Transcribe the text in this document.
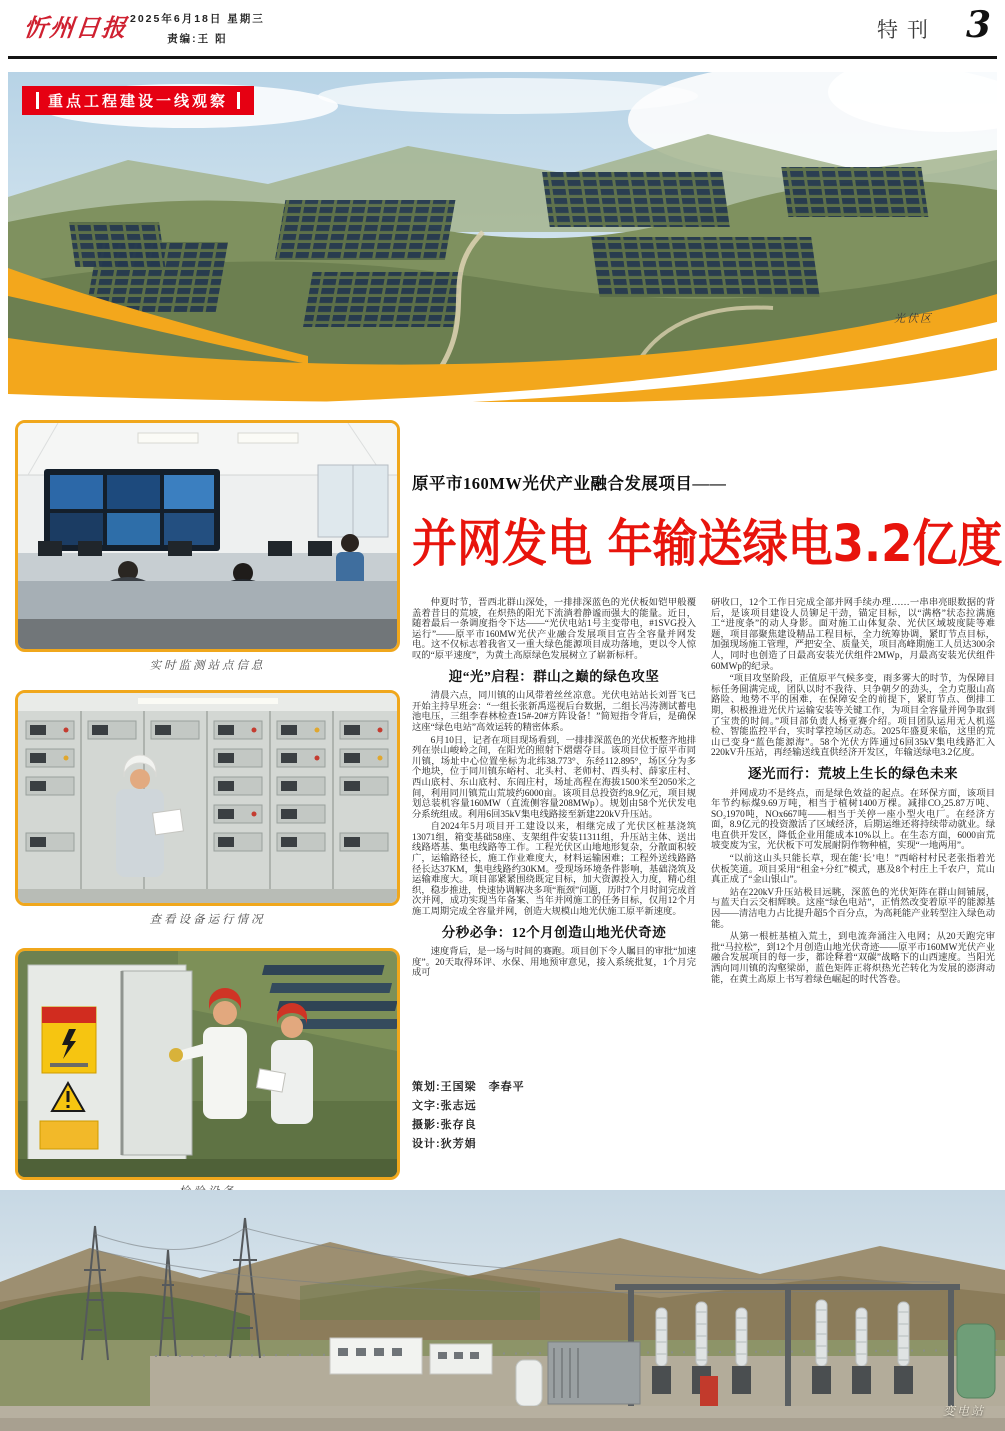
忻州日报 2025年6月18日 星期三
责编:王 阳	特刊 3
重点工程建设一线观察
光伏区
实时监测站点信息
查看设备运行情况
原平市160MW光伏产业融合发展项目——
并网发电 年输送绿电3.2亿度

仲夏时节，晋西北群山深处，一排排深蓝色的光伏板如铠甲般覆盖着昔日的荒坡，在炽热的阳光下流淌着静谧而强大的能量。近日，随着最后一条调度指令下达——“光伏电站1号主变带电，#1SVG投入运行”——原平市160MW光伏产业融合发展项目宣告全容量并网发电。这不仅标志着我省又一重大绿色能源项目成功落地，更以令人惊叹的“原平速度”，为黄土高原绿色发展树立了崭新标杆。

迎“光”启程：群山之巅的绿色攻坚

清晨六点，同川镇的山风带着丝丝凉意。光伏电站站长刘晋飞已开始主持早班会：“一组长张新禹巡视后台数据，二组长冯涛测试蓄电池电压，三组李春林检查15#-20#方阵设备！”简短指令背后，是确保这座“绿色电站”高效运转的精密体系。

6月10日，记者在项目现场看到，一排排深蓝色的光伏板整齐地排列在崇山峻岭之间，在阳光的照射下熠熠夺目。该项目位于原平市同川镇，场址中心位置坐标为北纬38.773°、东经112.895°，场区分为多个地块，位于同川镇东峪村、北头村、老师村、西头村、薛家庄村、西山底村、东山底村、东阎庄村，场址高程在海拔1500米至2050米之间，利用同川镇荒山荒坡约6000亩。该项目总投资约8.9亿元，项目规划总装机容量160MW（直流侧容量208MWp）。规划由58个光伏发电分系统组成。利用6回35kV集电线路接至新建220kV升压站。

自2024年5月项目开工建设以来，相继完成了光伏区桩基浇筑13071组，箱变基础58座、支架组件安装11311组，升压站主体、送出线路塔基、集电线路等工作。工程光伏区山地地形复杂，分散面积较广，运输路径长，施工作业难度大，材料运输困难；工程外送线路路径长达37KM，集电线路约30KM。受现场环境条件影响，基础浇筑及运输难度大。项目部紧紧围绕既定目标，加大资源投入力度，精心组织，稳步推进，快速协调解决多项“瓶颈”问题，历时7个月时间完成首次并网，成功实现当年备案、当年并网施工的任务目标，仅用12个月施工周期完成全容量并网，创造大规模山地光伏施工原平新速度。

分秒必争：12个月创造山地光伏奇迹

速度背后，是一场与时间的赛跑。项目创下令人瞩目的审批“加速度”。20天取得环评、水保、用地预审意见，接入系统批复，1个月完成可

研收口，12个工作日完成全部并网手续办理……一串串亮眼数据的背后，是该项目建设人员铆足干劲，锚定目标，以“满格”状态拉满施工“进度条”的动人身影。面对施工山体复杂、光伏区域坡度陡等难题，项目部聚焦建设精品工程目标，全力统筹协调，紧盯节点目标，加强现场施工管理，严把安全、质量关，项目高峰期施工人员达300余人，同时也创造了日最高安装光伏组件2MWp，月最高安装光伏组件60MWp的纪录。

“项目攻坚阶段，正值原平气候多变，雨多雾大的时节，为保障目标任务圆满完成，团队以时不我待、只争朝夕的劲头，全力克服山高路险、地势不平的困难，在保障安全的前提下，紧盯节点、倒排工期，积极推进光伏片运输安装等关键工作，为项目全容量并网争取到了宝贵的时间。”项目部负责人杨亚赛介绍。项目团队运用无人机巡检、智能监控平台，实时掌控场区动态。2025年盛夏来临，这里的荒山已变身“蓝色能源海”。58个光伏方阵通过6回35kV集电线路汇入220kV升压站，再经输送线直供经济开发区，年输送绿电3.2亿度。

逐光而行：荒坡上生长的绿色未来

并网成功不是终点，而是绿色效益的起点。在环保方面，该项目年节约标煤9.69万吨，相当于植树1400万棵。减排CO₂25.87万吨、SO₂1970吨，NOx667吨——相当于关停一座小型火电厂。在经济方面，8.9亿元的投资激活了区域经济，后期运维还将持续带动就业。绿电直供开发区，降低企业用能成本10%以上。在生态方面，6000亩荒坡变废为宝，光伏板下可发展耐阴作物种植，实现“一地两用”。

“以前这山头只能长草，现在能‘长’电！”西峪村村民老张指着光伏板笑道。项目采用“租金+分红”模式，惠及8个村庄上千农户，荒山真正成了“金山银山”。

站在220kV升压站极目远眺，深蓝色的光伏矩阵在群山间铺展，与蓝天白云交相辉映。这座“绿色电站”，正悄然改变着原平的能源基因——清洁电力占比提升超5个百分点，为高耗能产业转型注入绿色动能。

从第一根桩基植入荒土，到电流奔涌注入电网；从20天跑完审批“马拉松”，到12个月创造山地光伏奇迹——原平市160MW光伏产业融合发展项目的每一步，都诠释着“双碳”战略下的山西速度。当阳光洒向同川镇的沟壑梁峁，蓝色矩阵正将炽热光芒转化为发展的澎湃动能，在黄土高原上书写着绿色崛起的时代答卷。

策划:王国梁　李春平
文字:张志远
摄影:张存良
设计:狄芳娟
变电站
